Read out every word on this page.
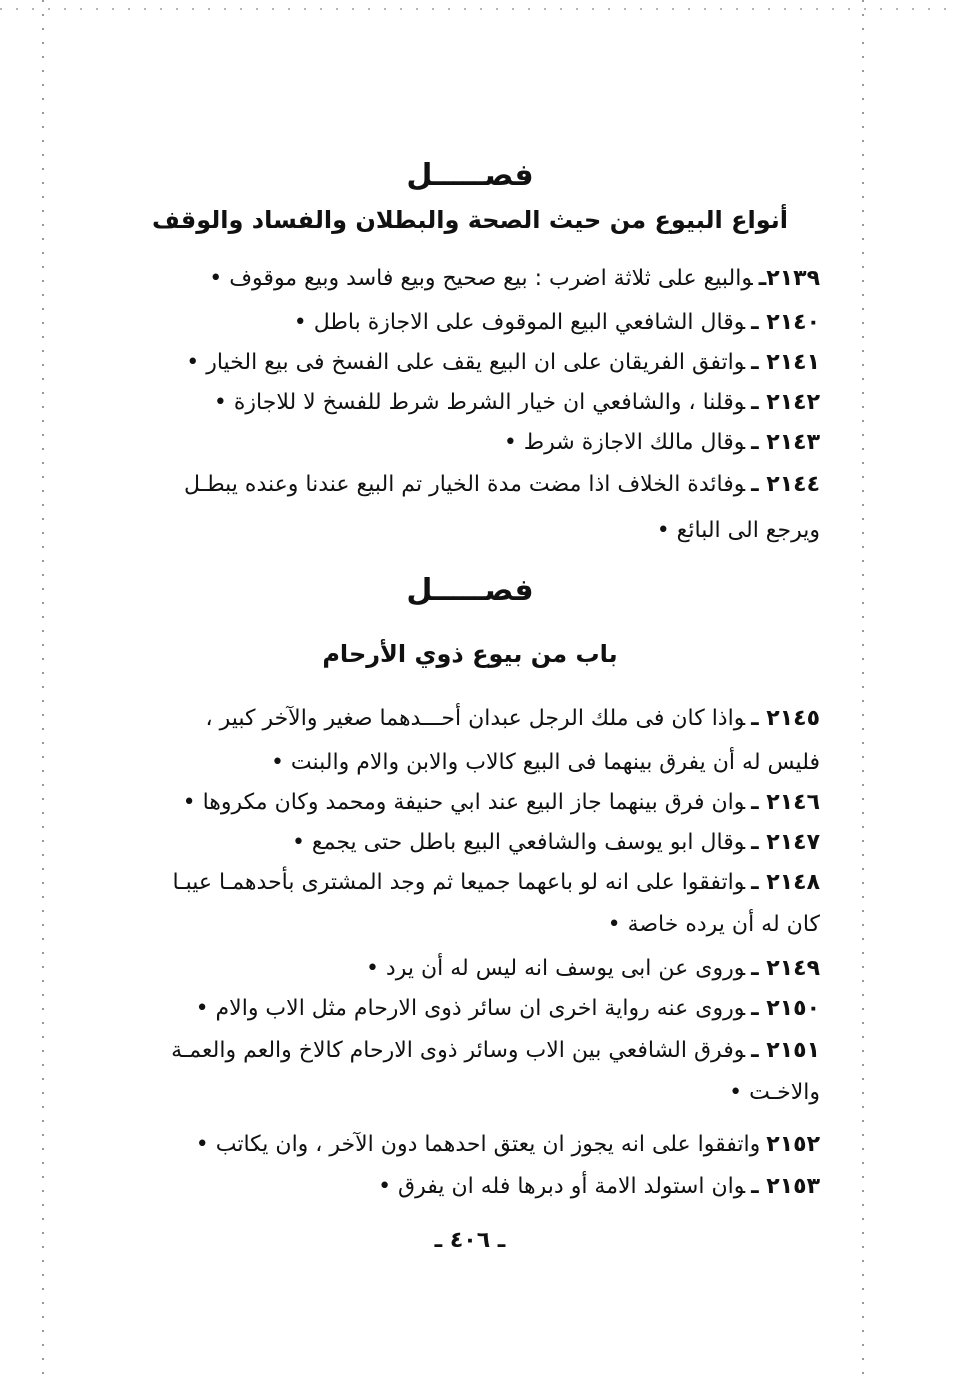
فصـــــل
أنواع البيوع من حيث الصحة والبطلان والفساد والوقف
٢١٣٩ـوالبيع على ثلاثة اضرب : بيع صحيح وبيع فاسد وبيع موقوف •
٢١٤٠ ـوقال الشافعي البيع الموقوف على الاجازة باطل •
٢١٤١ ـواتفق الفريقان على ان البيع يقف على الفسخ فى بيع الخيار •
٢١٤٢ ـوقلنا ، والشافعي ان خيار الشرط شرط للفسخ لا للاجازة •
٢١٤٣ ـوقال مالك الاجازة شرط •
٢١٤٤ ـوفائدة الخلاف اذا مضت مدة الخيار تم البيع عندنا وعنده يبطـل
ويرجع الى البائع •
فصـــــل
باب من بيوع ذوي الأرحام
٢١٤٥ ـواذا كان فى ملك الرجل عبدان أحـــدهما صغير والآخر كبير ،
فليس له أن يفرق بينهما فى البيع كالاب والابن والام والبنت •
٢١٤٦ ـوان فرق بينهما جاز البيع عند ابي حنيفة ومحمد وكان مكروها •
٢١٤٧ ـوقال ابو يوسف والشافعي البيع باطل حتى يجمع •
٢١٤٨ ـواتفقوا على انه لو باعهما جميعا ثم وجد المشترى بأحدهمـا عيبـا
كان له أن يرده خاصة •
٢١٤٩ ـوروى عن ابى يوسف انه ليس له أن يرد •
٢١٥٠ ـوروى عنه رواية اخرى ان سائر ذوى الارحام مثل الاب والام •
٢١٥١ ـوفرق الشافعي بين الاب وسائر ذوى الارحام كالاخ والعم والعمـة
والاخـت •
٢١٥٢واتفقوا على انه يجوز ان يعتق احدهما دون الآخر ، وان يكاتب •
٢١٥٣ ـوان استولد الامة أو دبرها فله ان يفرق •
ـ ٤٠٦ ـ
